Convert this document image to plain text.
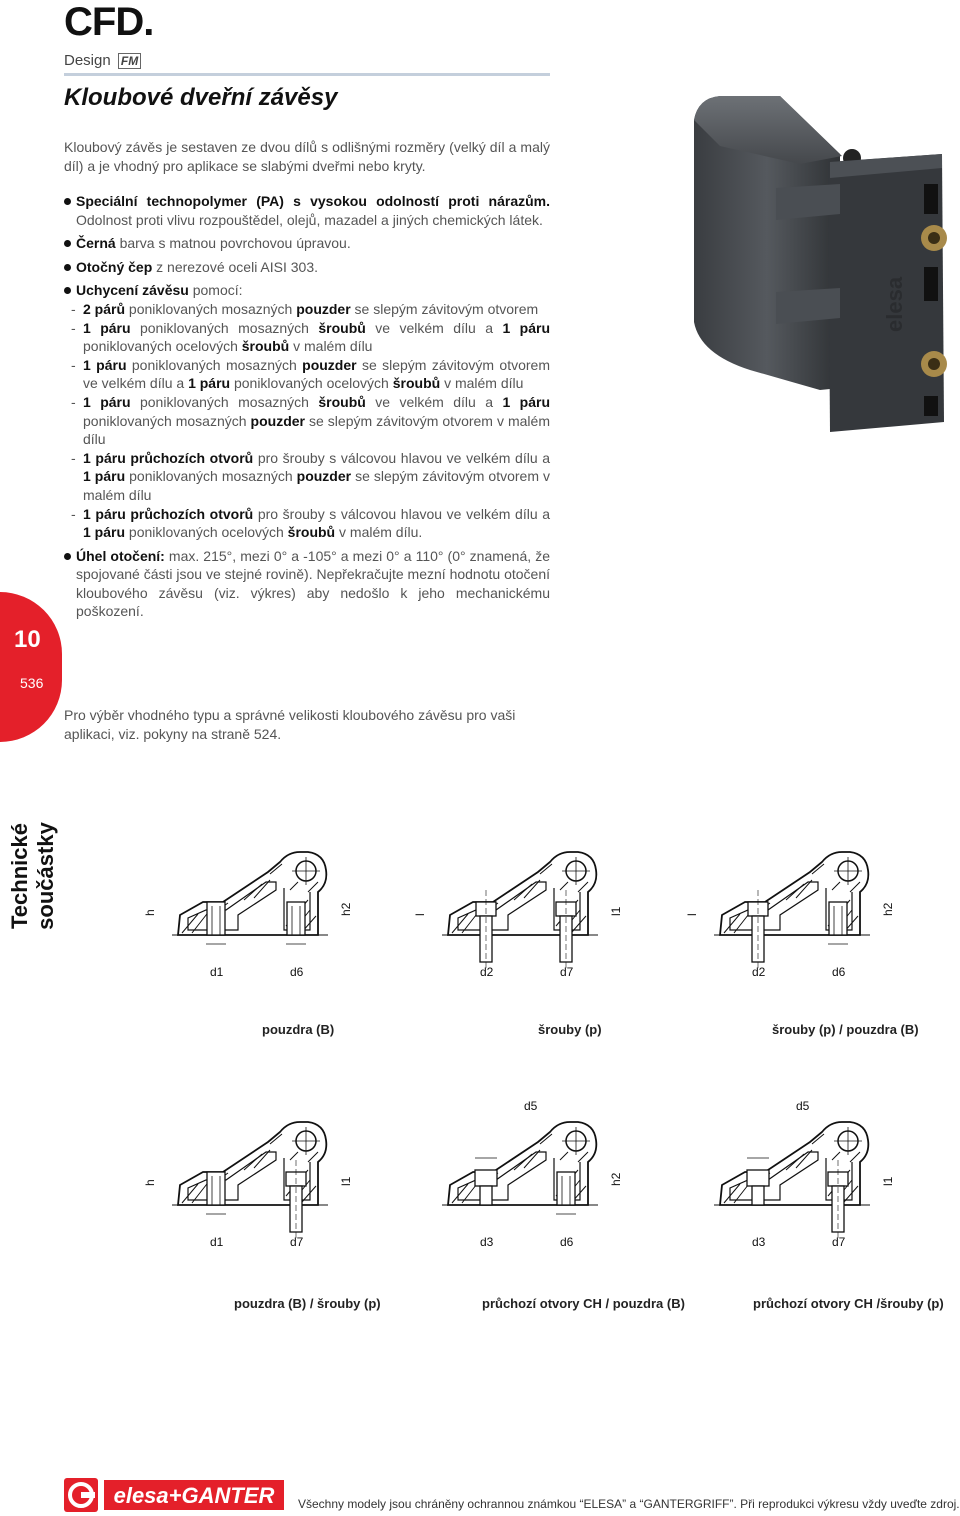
CFD.
Design FM
Kloubové dveřní závěsy
Kloubový závěs je sestaven ze dvou dílů s odlišnými rozměry (velký díl a malý díl) a je vhodný pro aplikace se slabými dveřmi nebo kryty.
Speciální technopolymer (PA) s vysokou odolností proti nárazům. Odolnost proti vlivu rozpouštědel, olejů, mazadel a jiných chemických látek.
Černá barva s matnou povrchovou úpravou.
Otočný čep z nerezové oceli AISI 303.
Uchycení závěsu pomocí:
- 2 párů poniklovaných mosazných pouzder se slepým závitovým otvorem
- 1 páru poniklovaných mosazných šroubů ve velkém dílu a 1 páru poniklovaných ocelových šroubů v malém dílu
- 1 páru poniklovaných mosazných pouzder se slepým závitovým otvorem ve velkém dílu a 1 páru poniklovaných ocelových šroubů v malém dílu
- 1 páru poniklovaných mosazných šroubů ve velkém dílu a 1 páru poniklovaných mosazných pouzder se slepým závitovým otvorem v malém dílu
- 1 páru průchozích otvorů pro šrouby s válcovou hlavou ve velkém dílu a 1 páru poniklovaných mosazných pouzder se slepým závitovým otvorem v malém dílu
- 1 páru průchozích otvorů pro šrouby s válcovou hlavou ve velkém dílu a 1 páru poniklovaných ocelových šroubů v malém dílu.
Úhel otočení: max. 215°, mezi 0° a -105° a mezi 0° a 110° (0° znamená, že spojované části jsou ve stejné rovině). Nepřekračujte mezní hodnotu otočení kloubového závěsu (viz. výkres) aby nedošlo k jeho mechanickému poškození.
Pro výběr vhodného typu a správné velikosti kloubového závěsu pro vaši aplikaci, viz. pokyny na straně 524.
10
536
Technické součástky
elesa
h	h2
d1	d6
pouzdra (B)
l	l1
d2	d7
šrouby (p)
l	h2
d2	d6
šrouby (p) / pouzdra (B)
h	l1
d1	d7
pouzdra (B) / šrouby (p)
h2
d3	d6
d5
průchozí otvory CH / pouzdra (B)
l1
d3	d7
d5
průchozí otvory CH /šrouby (p)
elesa+GANTER Všechny modely jsou chráněny ochrannou známkou “ELESA” a “GANTERGRIFF”. Při reprodukci výkresu vždy uveďte zdroj.
